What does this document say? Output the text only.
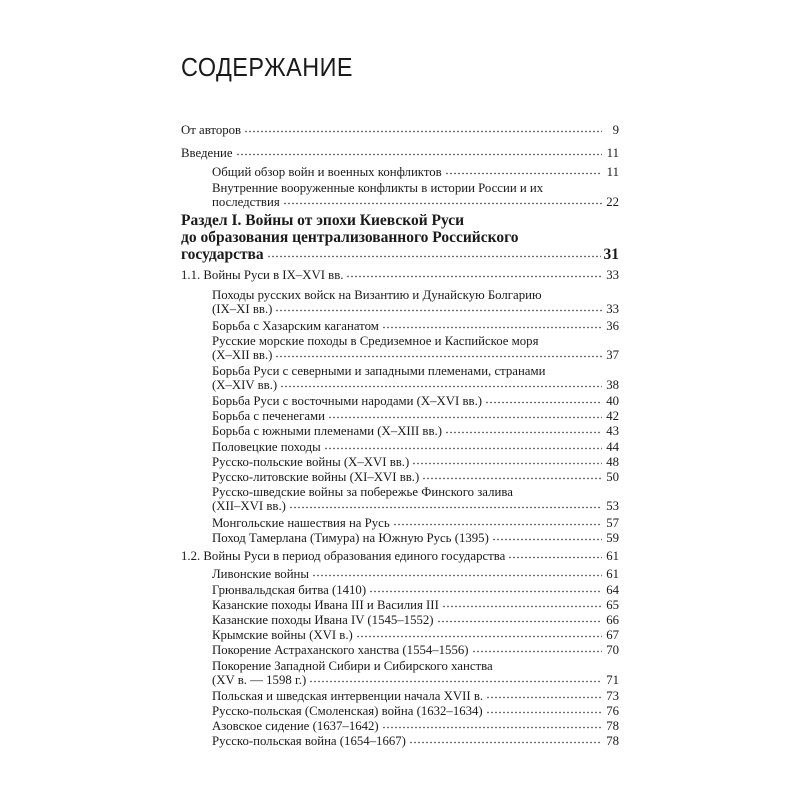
СОДЕРЖАНИЕ
От авторов	9
Введение	11
Общий обзор войн и военных конфликтов	11
Внутренние вооруженные конфликты в истории России и их
последствия	22
Раздел I. Войны от эпохи Киевской Руси
до образования централизованного Российского
государства	31
1.1. Войны Руси в IX–XVI вв.	33
Походы русских войск на Византию и Дунайскую Болгарию
(IX–XI вв.)	33
Борьба с Хазарским каганатом	36
Русские морские походы в Средиземное и Каспийское моря
(X–XII вв.)	37
Борьба Руси с северными и западными племенами, странами
(X–XIV вв.)	38
Борьба Руси с восточными народами (X–XVI вв.)	40
Борьба с печенегами	42
Борьба с южными племенами (X–XIII вв.)	43
Половецкие походы	44
Русско-польские войны (X–XVI вв.)	48
Русско-литовские войны (XI–XVI вв.)	50
Русско-шведские войны за побережье Финского залива
(XII–XVI вв.)	53
Монгольские нашествия на Русь	57
Поход Тамерлана (Тимура) на Южную Русь (1395)	59
1.2. Войны Руси в период образования единого государства	61
Ливонские войны	61
Грюнвальдская битва (1410)	64
Казанские походы Ивана III и Василия III	65
Казанские походы Ивана IV (1545–1552)	66
Крымские войны (XVI в.)	67
Покорение Астраханского ханства (1554–1556)	70
Покорение Западной Сибири и Сибирского ханства
(XV в. — 1598 г.)	71
Польская и шведская интервенции начала XVII в.	73
Русско-польская (Смоленская) война (1632–1634)	76
Азовское сидение (1637–1642)	78
Русско-польская война (1654–1667)	78
